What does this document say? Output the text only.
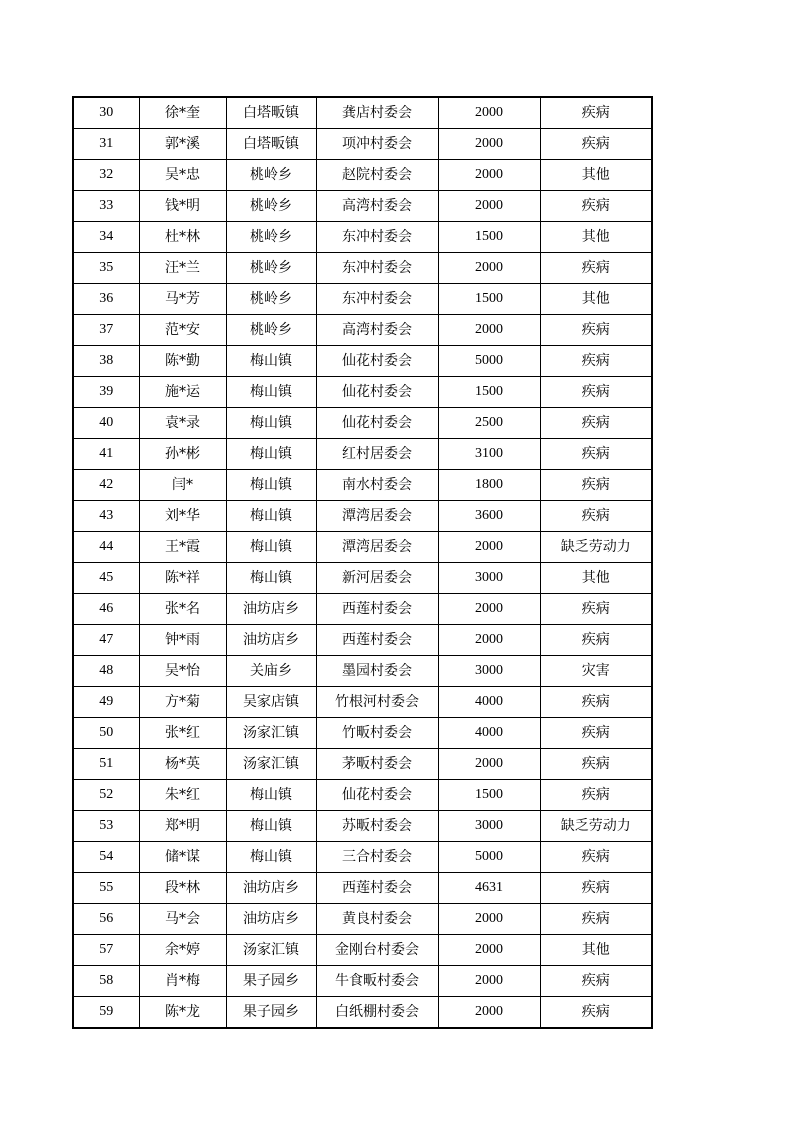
30	徐*奎	白塔畈镇	龚店村委会	2000	疾病
31	郭*溪	白塔畈镇	项冲村委会	2000	疾病
32	吴*忠	桃岭乡	赵院村委会	2000	其他
33	钱*明	桃岭乡	高湾村委会	2000	疾病
34	杜*林	桃岭乡	东冲村委会	1500	其他
35	汪*兰	桃岭乡	东冲村委会	2000	疾病
36	马*芳	桃岭乡	东冲村委会	1500	其他
37	范*安	桃岭乡	高湾村委会	2000	疾病
38	陈*勤	梅山镇	仙花村委会	5000	疾病
39	施*运	梅山镇	仙花村委会	1500	疾病
40	袁*录	梅山镇	仙花村委会	2500	疾病
41	孙*彬	梅山镇	红村居委会	3100	疾病
42	闫*	梅山镇	南水村委会	1800	疾病
43	刘*华	梅山镇	潭湾居委会	3600	疾病
44	王*霞	梅山镇	潭湾居委会	2000	缺乏劳动力
45	陈*祥	梅山镇	新河居委会	3000	其他
46	张*名	油坊店乡	西莲村委会	2000	疾病
47	钟*雨	油坊店乡	西莲村委会	2000	疾病
48	吴*怡	关庙乡	墨园村委会	3000	灾害
49	方*菊	吴家店镇	竹根河村委会	4000	疾病
50	张*红	汤家汇镇	竹畈村委会	4000	疾病
51	杨*英	汤家汇镇	茅畈村委会	2000	疾病
52	朱*红	梅山镇	仙花村委会	1500	疾病
53	郑*明	梅山镇	苏畈村委会	3000	缺乏劳动力
54	储*谋	梅山镇	三合村委会	5000	疾病
55	段*林	油坊店乡	西莲村委会	4631	疾病
56	马*会	油坊店乡	黄良村委会	2000	疾病
57	余*婷	汤家汇镇	金刚台村委会	2000	其他
58	肖*梅	果子园乡	牛食畈村委会	2000	疾病
59	陈*龙	果子园乡	白纸棚村委会	2000	疾病
